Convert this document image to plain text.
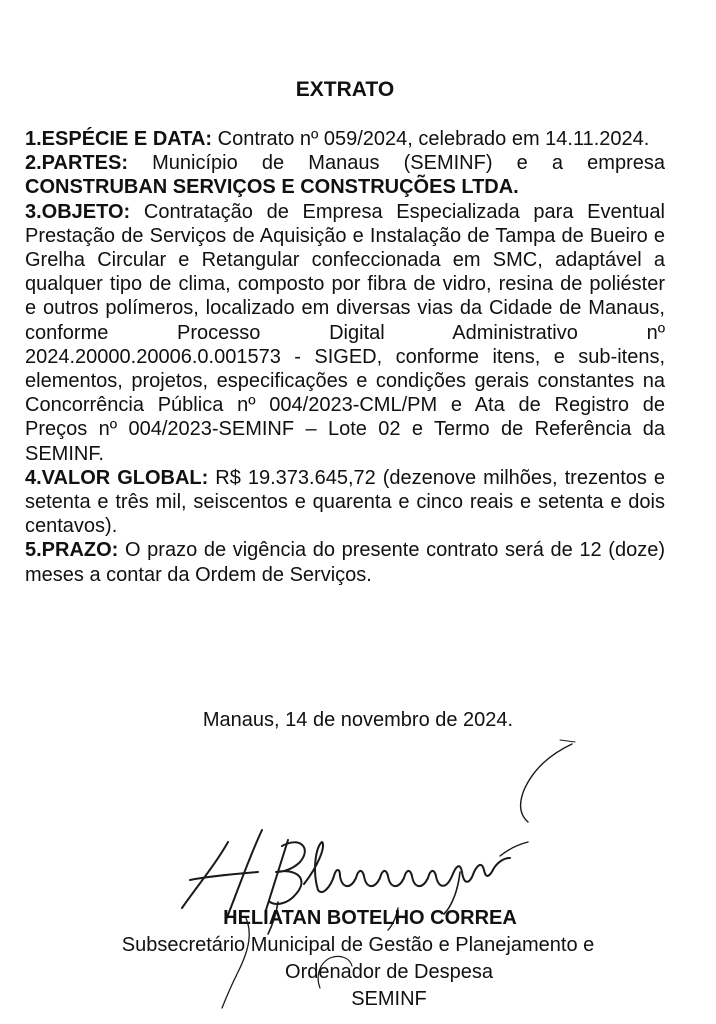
EXTRATO

1.ESPÉCIE E DATA: Contrato nº 059/2024, celebrado em 14.11.2024.

2.PARTES: Município de Manaus (SEMINF) e a empresa CONSTRUBAN SERVIÇOS E CONSTRUÇÕES LTDA.

3.OBJETO: Contratação de Empresa Especializada para Eventual Prestação de Serviços de Aquisição e Instalação de Tampa de Bueiro e Grelha Circular e Retangular confeccionada em SMC, adaptável a qualquer tipo de clima, composto por fibra de vidro, resina de poliéster e outros polímeros, localizado em diversas vias da Cidade de Manaus, conforme Processo Digital Administrativo nº 2024.20000.20006.0.001573 - SIGED, conforme itens, e sub-itens, elementos, projetos, especificações e condições gerais constantes na Concorrência Pública nº 004/2023-CML/PM e Ata de Registro de Preços nº 004/2023-SEMINF – Lote 02 e Termo de Referência da SEMINF.

4.VALOR GLOBAL: R$ 19.373.645,72 (dezenove milhões, trezentos e setenta e três mil, seiscentos e quarenta e cinco reais e setenta e dois centavos).

5.PRAZO: O prazo de vigência do presente contrato será de 12 (doze) meses a contar da Ordem de Serviços.

Manaus, 14 de novembro de 2024.

HELIATAN BOTELHO CORREA
Subsecretário Municipal de Gestão e Planejamento e
Ordenador de Despesa
SEMINF
